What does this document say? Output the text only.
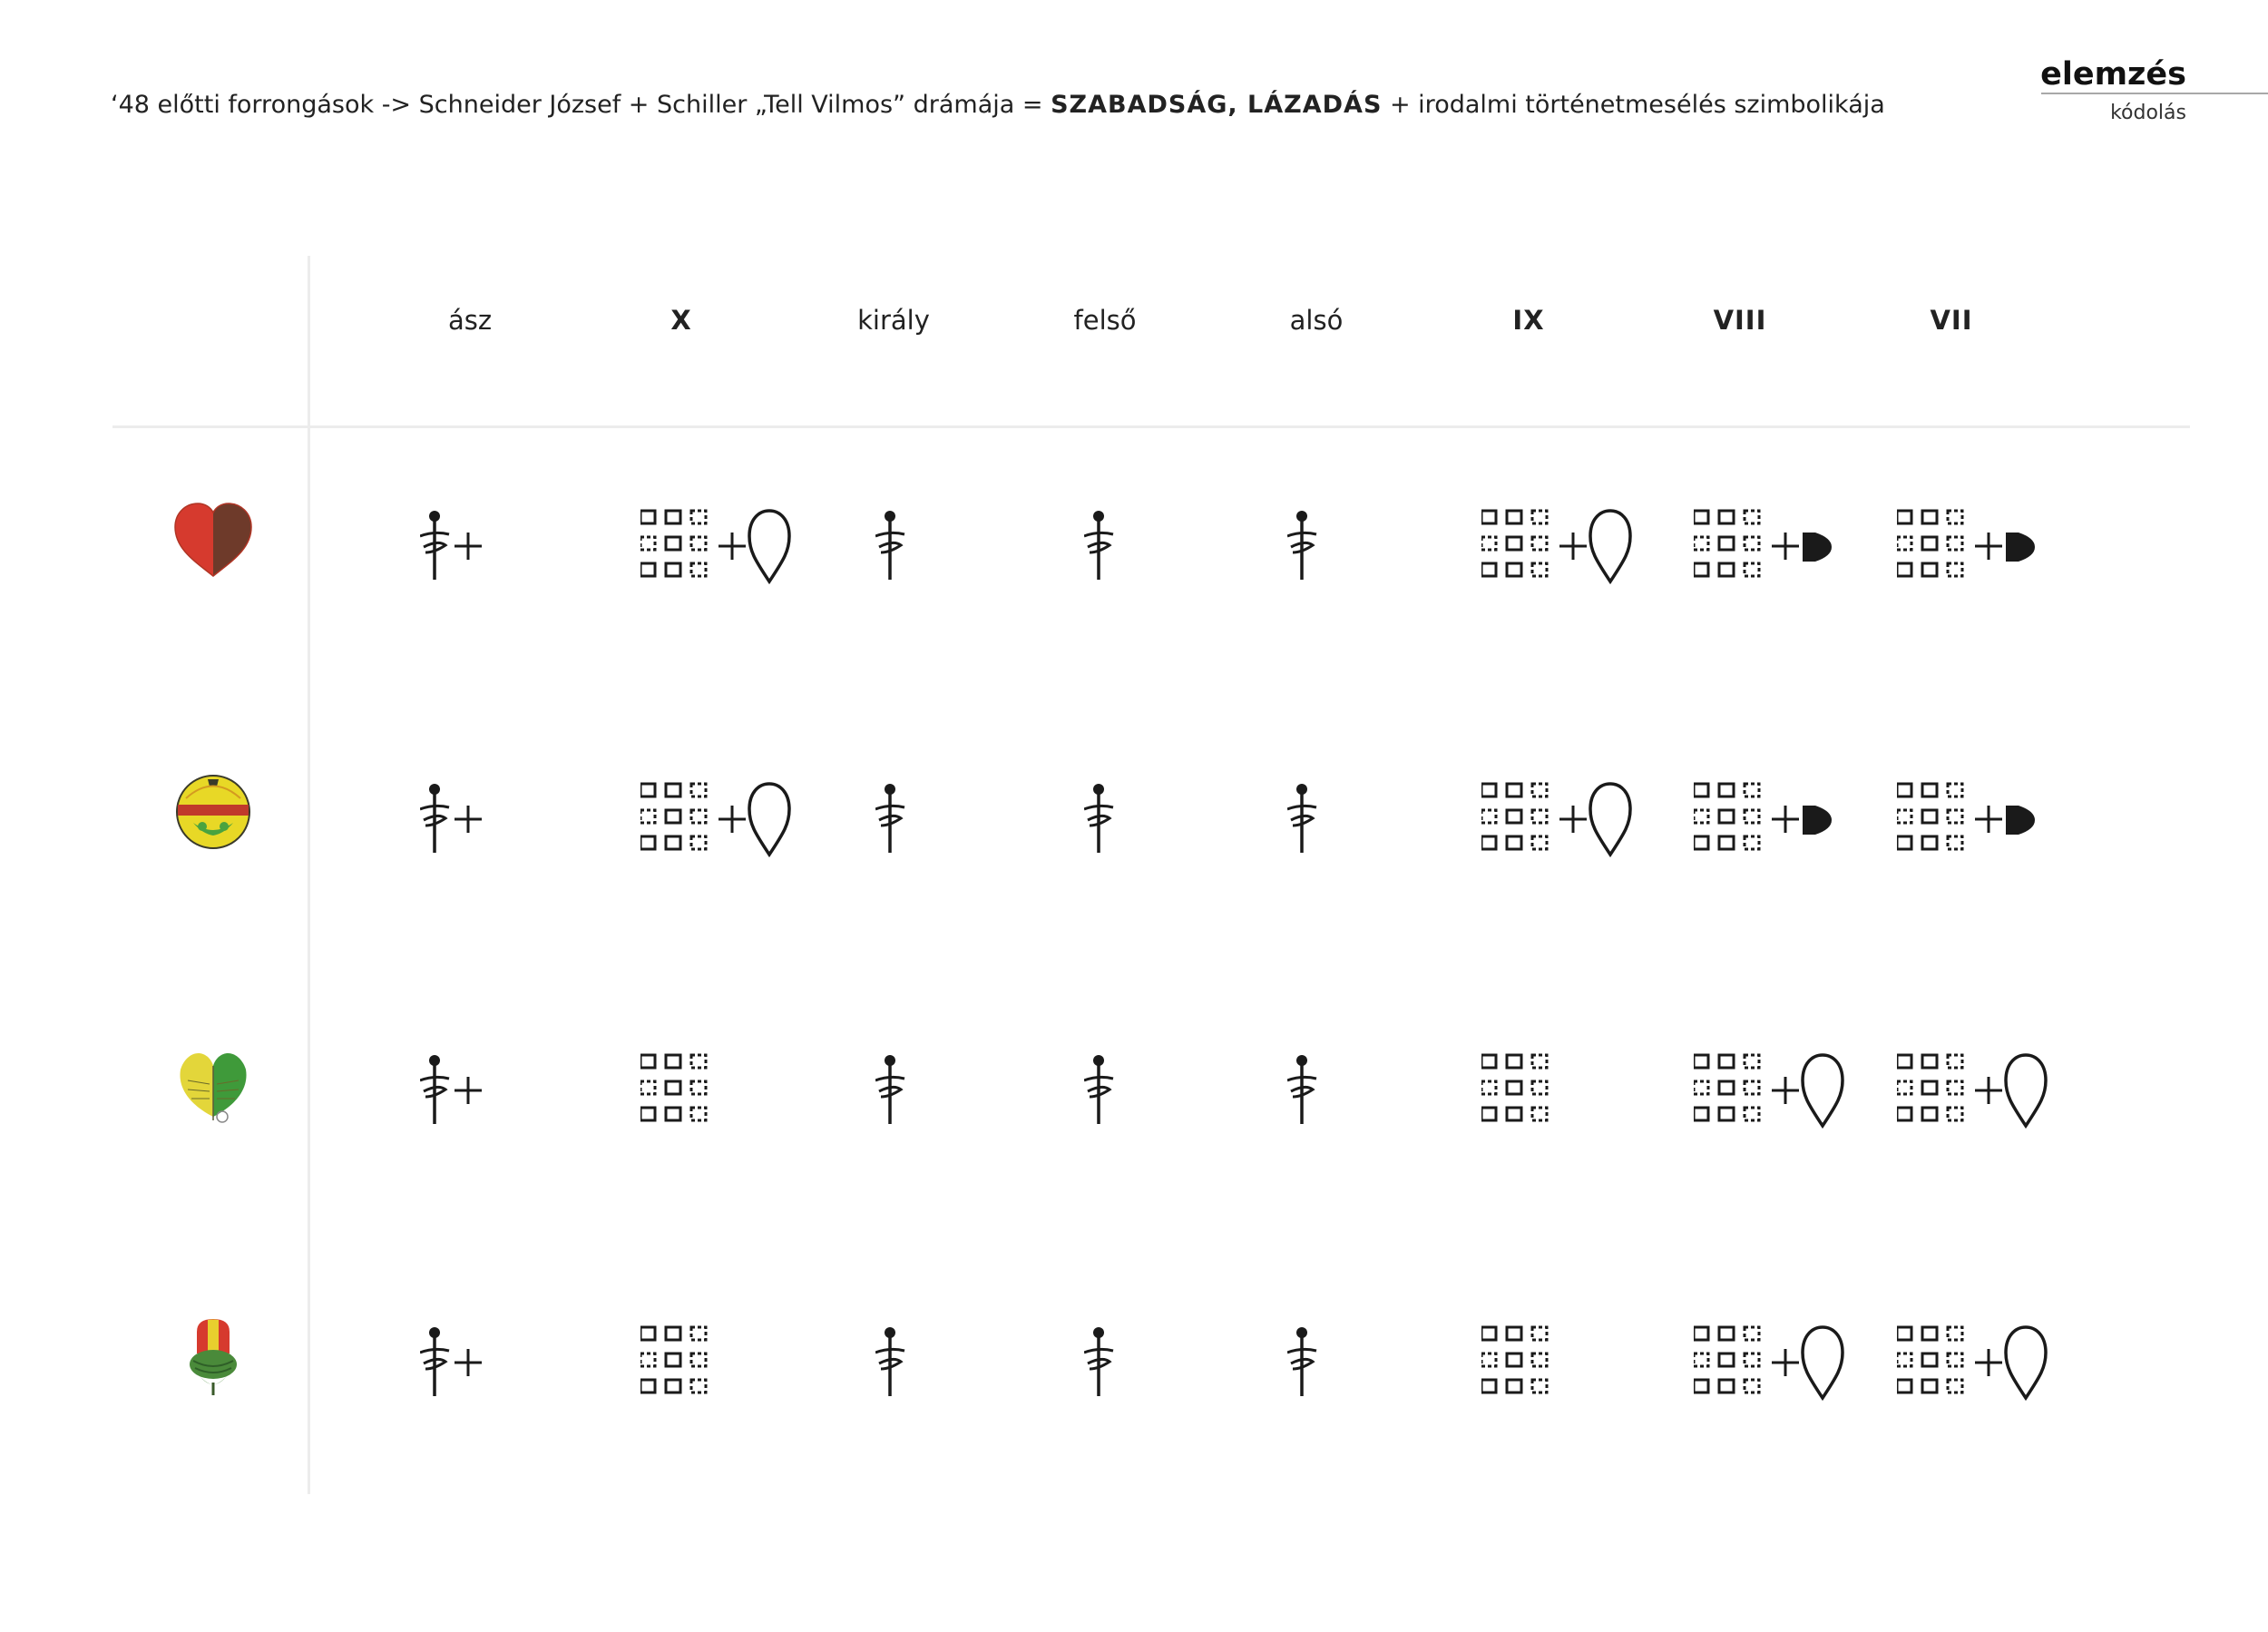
‘48 előtti forrongások -> Schneider József + Schiller „Tell Vilmos” drámája = SZABADSÁG, LÁZADÁS + irodalmi történetmesélés szimbolikája
elemzés
kódolás
ász	X	király	felső	alsó	IX	VIII	VII
